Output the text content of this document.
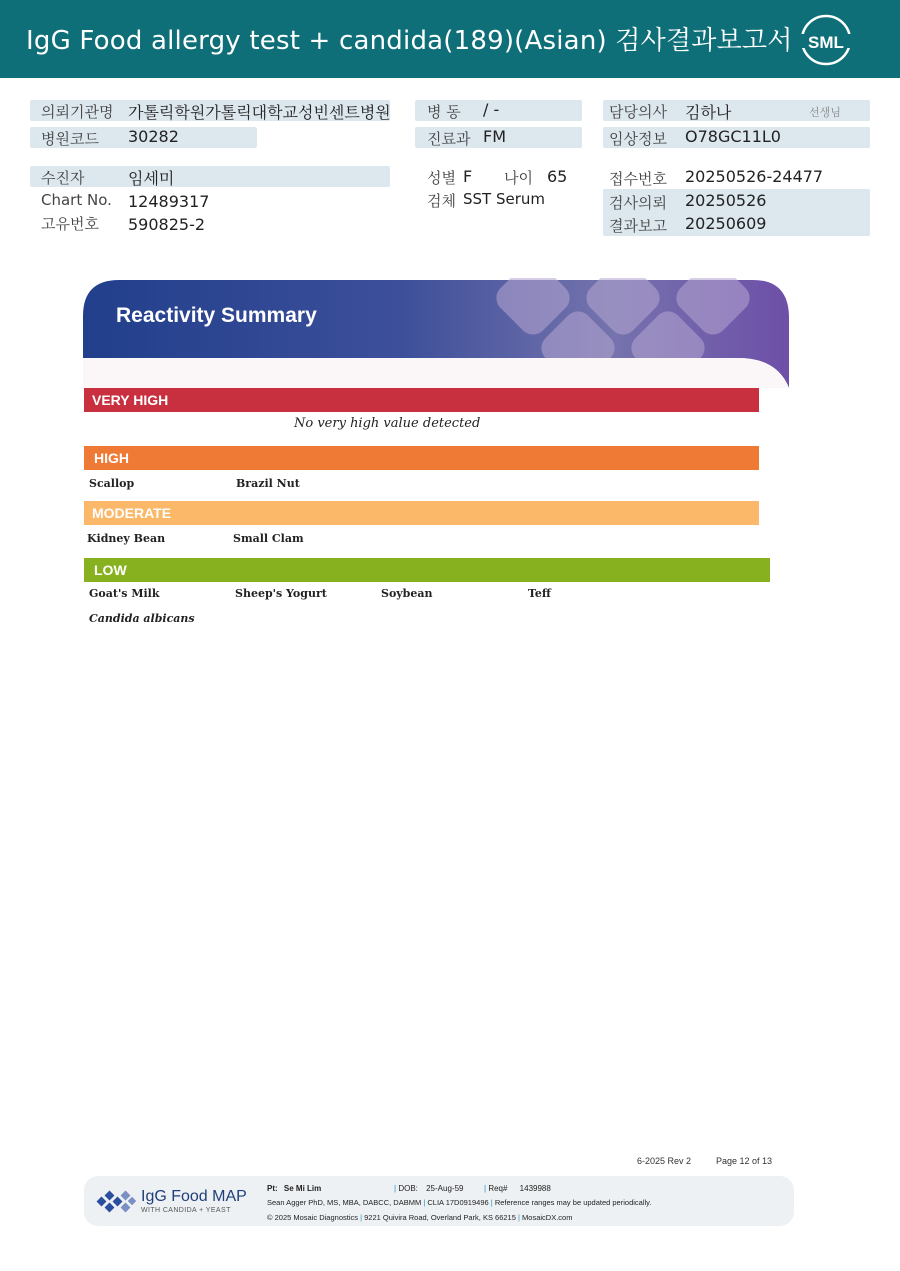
IgG Food allergy test + candida(189)(Asian) 검사결과보고서 SML
의뢰기관명 가톨릭학원가톨릭대학교성빈센트병원
병원코드 30282
수진자	임세미
Chart No. 12489317
고유번호 590825-2
병 동 / -
진료과 FM
성별 F 나이 65
검체 SST Serum
담당의사 김하나	선생님
임상정보 O78GC11L0
접수번호 20250526-24477
검사의뢰 20250526
결과보고 20250609
Reactivity Summary
VERY HIGH
No very high value detected
HIGH
Scallop	Brazil Nut
MODERATE
Kidney Bean	Small Clam
LOW
Goat's Milk	Sheep's Yogurt	Soybean	Teff
Candida albicans
6-2025 Rev 2	Page 12 of 13
IgG Food MAP
WITH CANDIDA + YEAST
Pt: Se Mi Lim	| DOB: 25-Aug-59	| Req# 1439988
Sean Agger PhD, MS, MBA, DABCC, DABMM | CLIA 17D0919496 | Reference ranges may be updated periodically.
© 2025 Mosaic Diagnostics | 9221 Quivira Road, Overland Park, KS 66215 | MosaicDX.com
